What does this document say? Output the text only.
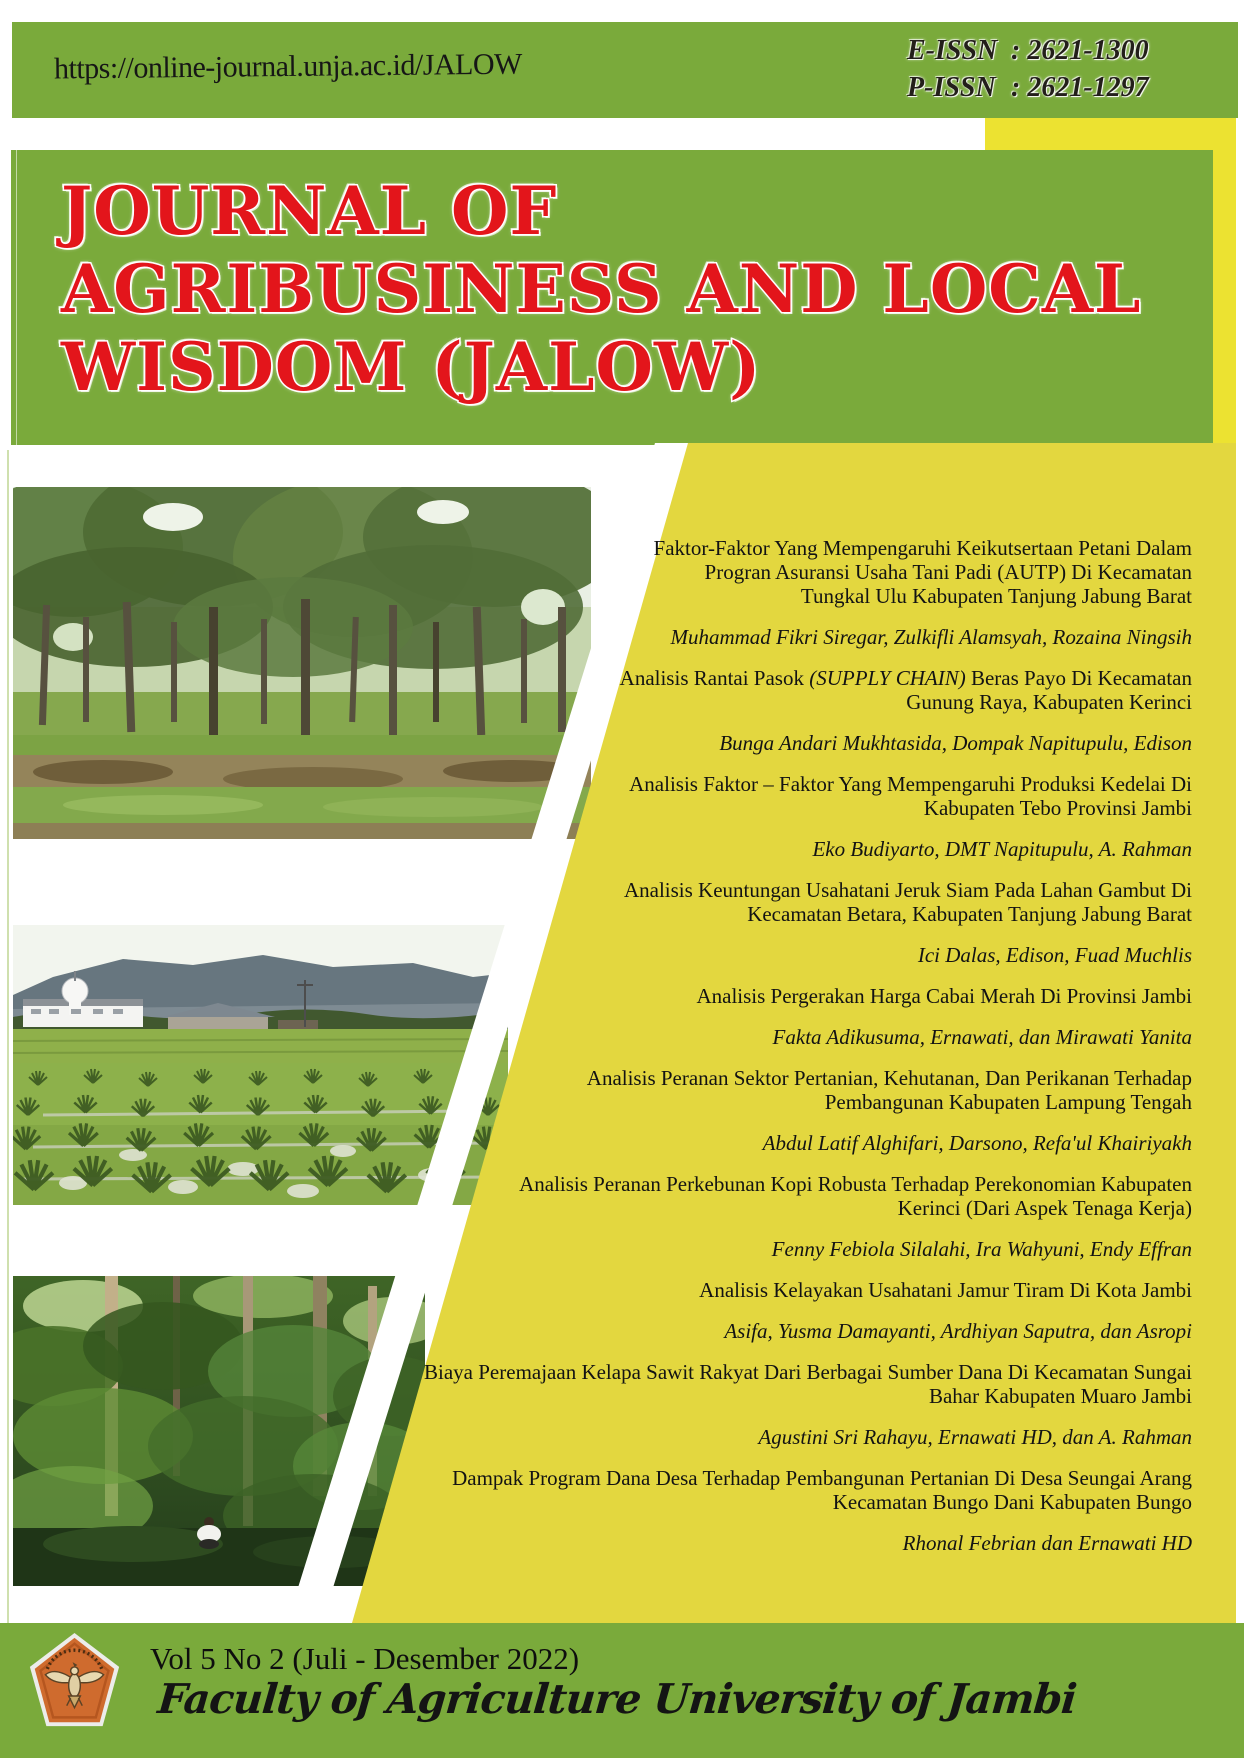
https://online-journal.unja.ac.id/JALOW	E-ISSN : 2621-1300
P-ISSN : 2621-1297
JOURNAL OF
AGRIBUSINESS AND LOCAL
WISDOM (JALOW)
Faktor-Faktor Yang Mempengaruhi Keikutsertaan Petani Dalam
Progran Asuransi Usaha Tani Padi (AUTP) Di Kecamatan
Tungkal Ulu Kabupaten Tanjung Jabung Barat
Muhammad Fikri Siregar, Zulkifli Alamsyah, Rozaina Ningsih
Analisis Rantai Pasok (SUPPLY CHAIN) Beras Payo Di Kecamatan
Gunung Raya, Kabupaten Kerinci
Bunga Andari Mukhtasida, Dompak Napitupulu, Edison
Analisis Faktor – Faktor Yang Mempengaruhi Produksi Kedelai Di
Kabupaten Tebo Provinsi Jambi
Eko Budiyarto, DMT Napitupulu, A. Rahman
Analisis Keuntungan Usahatani Jeruk Siam Pada Lahan Gambut Di
Kecamatan Betara, Kabupaten Tanjung Jabung Barat
Ici Dalas, Edison, Fuad Muchlis
Analisis Pergerakan Harga Cabai Merah Di Provinsi Jambi
Fakta Adikusuma, Ernawati, dan Mirawati Yanita
Analisis Peranan Sektor Pertanian, Kehutanan, Dan Perikanan Terhadap
Pembangunan Kabupaten Lampung Tengah
Abdul Latif Alghifari, Darsono, Refa'ul Khairiyakh
Analisis Peranan Perkebunan Kopi Robusta Terhadap Perekonomian Kabupaten
Kerinci (Dari Aspek Tenaga Kerja)
Fenny Febiola Silalahi, Ira Wahyuni, Endy Effran
Analisis Kelayakan Usahatani Jamur Tiram Di Kota Jambi
Asifa, Yusma Damayanti, Ardhiyan Saputra, dan Asropi
Biaya Peremajaan Kelapa Sawit Rakyat Dari Berbagai Sumber Dana Di Kecamatan Sungai
Bahar Kabupaten Muaro Jambi
Agustini Sri Rahayu, Ernawati HD, dan A. Rahman
Dampak Program Dana Desa Terhadap Pembangunan Pertanian Di Desa Seungai Arang
Kecamatan Bungo Dani Kabupaten Bungo
Rhonal Febrian dan Ernawati HD
Vol 5 No 2 (Juli - Desember 2022)
Faculty of Agriculture University of Jambi
